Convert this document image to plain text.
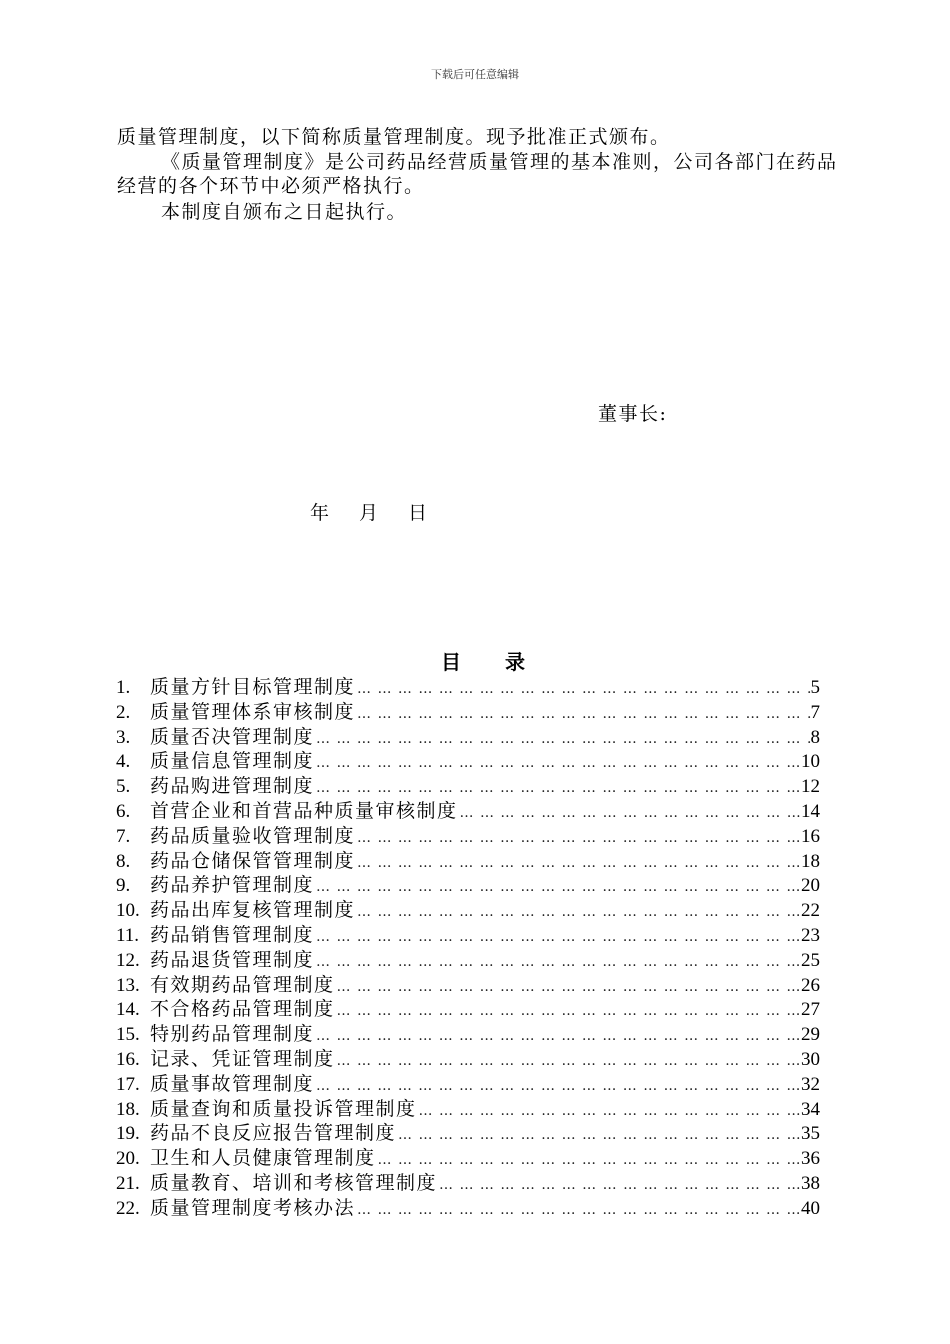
下载后可任意编辑
质量管理制度，以下简称质量管理制度。现予批准正式颁布。
《质量管理制度》是公司药品经营质量管理的基本准则，公司各部门在药品经营的各个环节中必须严格执行。
本制度自颁布之日起执行。
董事长:
年 月 日
目录
1.	质量方针目标管理制度 … … … … … … … … … … … … … … … … … … … … … … … … … … … … … … … … … … … … … …	5
2.	质量管理体系审核制度 … … … … … … … … … … … … … … … … … … … … … … … … … … … … … … … … … … … … … …	7
3.	质量否决管理制度 … … … … … … … … … … … … … … … … … … … … … … … … … … … … … … … … … … … … … …	8
4.	质量信息管理制度 … … … … … … … … … … … … … … … … … … … … … … … … … … … … … … … … … … … … … …	10
5.	药品购进管理制度 … … … … … … … … … … … … … … … … … … … … … … … … … … … … … … … … … … … … … …	12
6.	首营企业和首营品种质量审核制度 … … … … … … … … … … … … … … … … … … … … … … … … … … … … … … … … … … … … … …	14
7.	药品质量验收管理制度 … … … … … … … … … … … … … … … … … … … … … … … … … … … … … … … … … … … … … …	16
8.	药品仓储保管管理制度 … … … … … … … … … … … … … … … … … … … … … … … … … … … … … … … … … … … … … …	18
9.	药品养护管理制度 … … … … … … … … … … … … … … … … … … … … … … … … … … … … … … … … … … … … … …	20
10. 药品出库复核管理制度 … … … … … … … … … … … … … … … … … … … … … … … … … … … … … … … … … … … … … …	22
11. 药品销售管理制度 … … … … … … … … … … … … … … … … … … … … … … … … … … … … … … … … … … … … … …	23
12. 药品退货管理制度 … … … … … … … … … … … … … … … … … … … … … … … … … … … … … … … … … … … … … …	25
13. 有效期药品管理制度 … … … … … … … … … … … … … … … … … … … … … … … … … … … … … … … … … … … … … …	26
14. 不合格药品管理制度 … … … … … … … … … … … … … … … … … … … … … … … … … … … … … … … … … … … … … …	27
15. 特别药品管理制度 … … … … … … … … … … … … … … … … … … … … … … … … … … … … … … … … … … … … … …	29
16. 记录、凭证管理制度 … … … … … … … … … … … … … … … … … … … … … … … … … … … … … … … … … … … … … …	30
17. 质量事故管理制度 … … … … … … … … … … … … … … … … … … … … … … … … … … … … … … … … … … … … … …	32
18. 质量查询和质量投诉管理制度 … … … … … … … … … … … … … … … … … … … … … … … … … … … … … … … … … … … … … …	34
19. 药品不良反应报告管理制度 … … … … … … … … … … … … … … … … … … … … … … … … … … … … … … … … … … … … … …	35
20. 卫生和人员健康管理制度 … … … … … … … … … … … … … … … … … … … … … … … … … … … … … … … … … … … … … …	36
21. 质量教育、培训和考核管理制度 … … … … … … … … … … … … … … … … … … … … … … … … … … … … … … … … … … … … … …	38
22. 质量管理制度考核办法 … … … … … … … … … … … … … … … … … … … … … … … … … … … … … … … … … … … … … …	40
